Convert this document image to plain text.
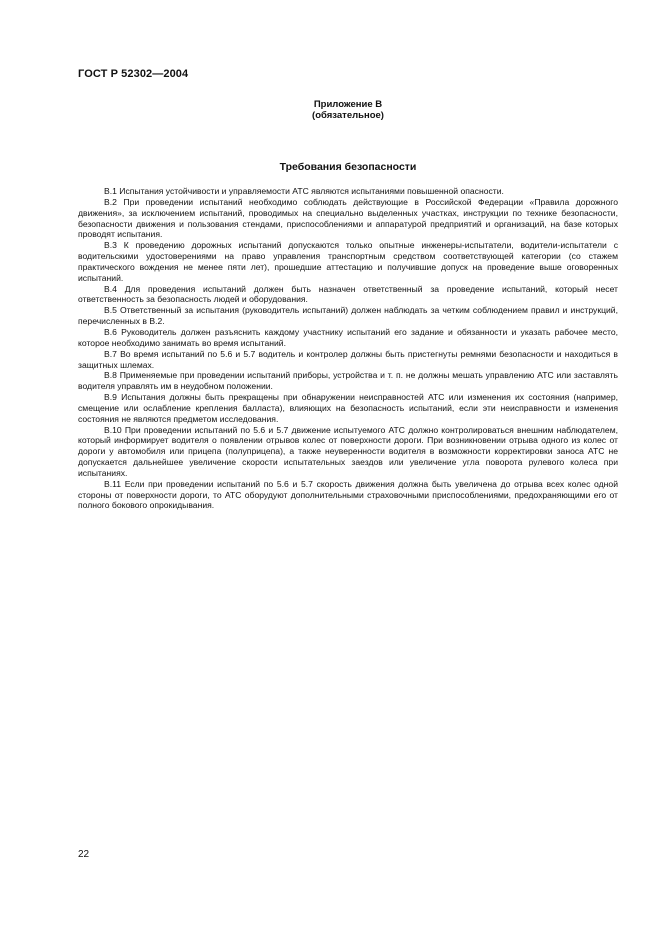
ГОСТ Р 52302—2004
Приложение В
(обязательное)
Требования безопасности

В.1 Испытания устойчивости и управляемости АТС являются испытаниями повышенной опасности.

В.2 При проведении испытаний необходимо соблюдать действующие в Российской Федерации «Правила дорожного движения», за исключением испытаний, проводимых на специально выделенных участках, инструкции по технике безопасности, безопасности движения и пользования стендами, приспособлениями и аппаратурой предприятий и организаций, на базе которых проводят испытания.

В.3 К проведению дорожных испытаний допускаются только опытные инженеры-испытатели, водители-испытатели с водительскими удостоверениями на право управления транспортным средством соответствующей категории (со стажем практического вождения не менее пяти лет), прошедшие аттестацию и получившие допуск на проведение выше оговоренных испытаний.

В.4 Для проведения испытаний должен быть назначен ответственный за проведение испытаний, который несет ответственность за безопасность людей и оборудования.

В.5 Ответственный за испытания (руководитель испытаний) должен наблюдать за четким соблюдением правил и инструкций, перечисленных в В.2.

В.6 Руководитель должен разъяснить каждому участнику испытаний его задание и обязанности и указать рабочее место, которое необходимо занимать во время испытаний.

В.7 Во время испытаний по 5.6 и 5.7 водитель и контролер должны быть пристегнуты ремнями безопасности и находиться в защитных шлемах.

В.8 Применяемые при проведении испытаний приборы, устройства и т. п. не должны мешать управлению АТС или заставлять водителя управлять им в неудобном положении.

В.9 Испытания должны быть прекращены при обнаружении неисправностей АТС или изменения их состояния (например, смещение или ослабление крепления балласта), влияющих на безопасность испытаний, если эти неисправности и изменения состояния не являются предметом исследования.

В.10 При проведении испытаний по 5.6 и 5.7 движение испытуемого АТС должно контролироваться внешним наблюдателем, который информирует водителя о появлении отрывов колес от поверхности дороги. При возникновении отрыва одного из колес от дороги у автомобиля или прицепа (полуприцепа), а также неуверенности водителя в возможности корректировки заноса АТС не допускается дальнейшее увеличение скорости испытательных заездов или увеличение угла поворота рулевого колеса при испытаниях.

В.11 Если при проведении испытаний по 5.6 и 5.7 скорость движения должна быть увеличена до отрыва всех колес одной стороны от поверхности дороги, то АТС оборудуют дополнительными страховочными приспособлениями, предохраняющими его от полного бокового опрокидывания.

22
